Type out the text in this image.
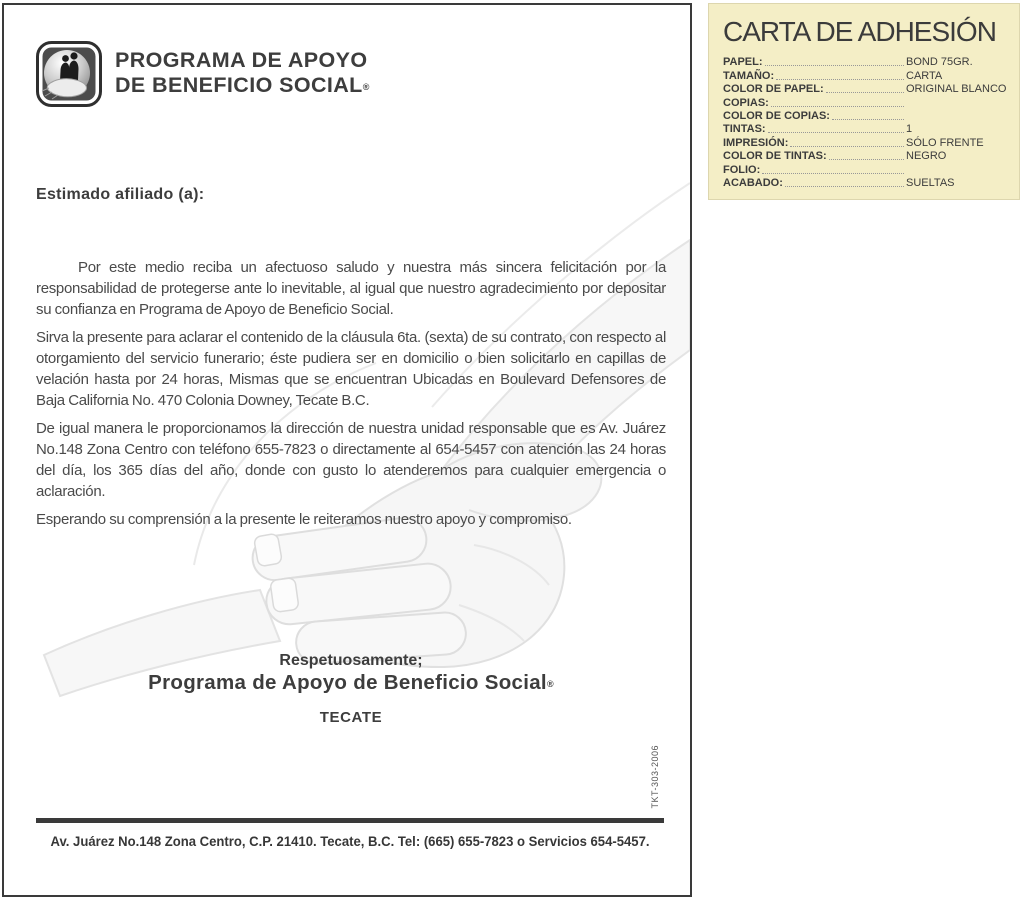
PROGRAMA DE APOYO
DE BENEFICIO SOCIAL®
Estimado afiliado (a):

Por este medio reciba un afectuoso saludo y nuestra más sincera felicitación por la responsabilidad de protegerse ante lo inevitable, al igual que nuestro agradecimiento por depositar su confianza en Programa de Apoyo de Beneficio Social.

Sirva la presente para aclarar el contenido de la cláusula 6ta. (sexta) de su contrato, con respecto al otorgamiento del servicio funerario; éste pudiera ser en domicilio o bien solicitarlo en capillas de velación hasta por 24 horas, Mismas que se encuentran Ubicadas en Boulevard Defensores de Baja California No. 470 Colonia Downey, Tecate B.C.

De igual manera le proporcionamos la dirección de nuestra unidad responsable que es Av. Juárez No.148 Zona Centro con teléfono 655-7823 o directamente al 654-5457 con atención las 24 horas del día, los 365 días del año, donde con gusto lo atenderemos para cualquier emergencia o aclaración.

Esperando su comprensión a la presente le reiteramos nuestro apoyo y compromiso.

Respetuosamente;
Programa de Apoyo de Beneficio Social®
TECATE
TKT-303-2006
Av. Juárez No.148 Zona Centro, C.P. 21410. Tecate, B.C. Tel: (665) 655-7823 o Servicios 654-5457.
CARTA DE ADHESIÓN
PAPEL:	BOND 75GR.
TAMAÑO:	CARTA
COLOR DE PAPEL:	ORIGINAL BLANCO
COPIAS:
COLOR DE COPIAS:
TINTAS:	1
IMPRESIÓN:	SÓLO FRENTE
COLOR DE TINTAS:	NEGRO
FOLIO:
ACABADO:	SUELTAS
